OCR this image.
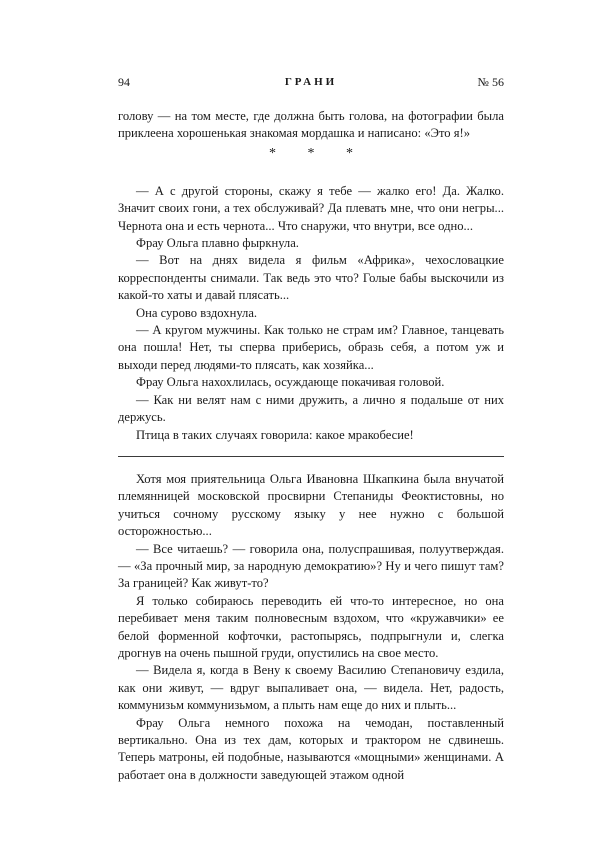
94	ГРАНИ	№ 56

голову — на том месте, где должна быть голова, на фотографии была приклеена хорошенькая знакомая мордашка и написано: «Это я!»

* * *

— А с другой стороны, скажу я тебе — жалко его! Да. Жалко. Значит своих гони, а тех обслуживай? Да плевать мне, что они негры... Чернота она и есть чернота... Что снаружи, что внутри, все одно...

Фрау Ольга плавно фыркнула.

— Вот на днях видела я фильм «Африка», чехословацкие корреспонденты снимали. Так ведь это что? Голые бабы выскочили из какой-то хаты и давай плясать...

Она сурово вздохнула.

— А кругом мужчины. Как только не страм им? Главное, танцевать она пошла! Нет, ты сперва приберись, образь себя, а потом уж и выходи перед людями-то плясать, как хозяйка...

Фрау Ольга нахохлилась, осуждающе покачивая головой.

— Как ни велят нам с ними дружить, а лично я подальше от них держусь.

Птица в таких случаях говорила: какое мракобесие!

Хотя моя приятельница Ольга Ивановна Шкапкина была внучатой племянницей московской просвирни Степаниды Феоктистовны, но учиться сочному русскому языку у нее нужно с большой осторожностью...

— Все читаешь? — говорила она, полуспрашивая, полуутверждая. — «За прочный мир, за народную демократию»? Ну и чего пишут там? За границей? Как живут-то?

Я только собираюсь переводить ей что-то интересное, но она перебивает меня таким полновесным вздохом, что «кружавчики» ее белой форменной кофточки, растопырясь, подпрыгнули и, слегка дрогнув на очень пышной груди, опустились на свое место.

— Видела я, когда в Вену к своему Василию Степановичу ездила, как они живут, — вдруг выпаливает она, — видела. Нет, радость, коммунизьм коммунизьмом, а плыть нам еще до них и плыть...

Фрау Ольга немного похожа на чемодан, поставленный вертикально. Она из тех дам, которых и трактором не сдвинешь. Теперь матроны, ей подобные, называются «мощными» женщинами. А работает она в должности заведующей этажом одной
